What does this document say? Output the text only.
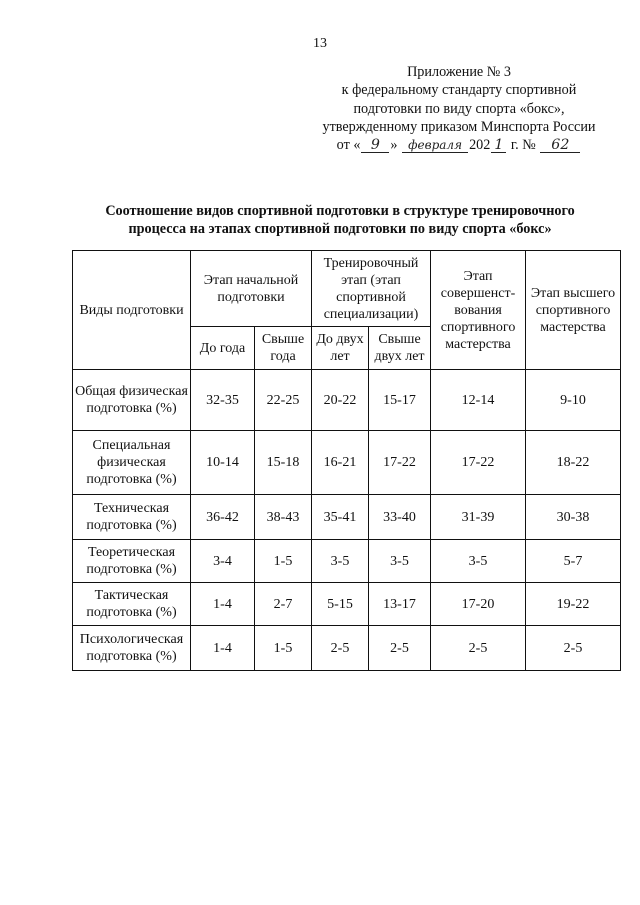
13
Приложение № 3
к федеральному стандарту спортивной
подготовки по виду спорта «бокс»,
утвержденному приказом Минспорта России
от « 9 » февраля 202 1 г. № 62
Соотношение видов спортивной подготовки в структуре тренировочного
процесса на этапах спортивной подготовки по виду спорта «бокс»
Виды подготовки	Этап начальной подготовки		Тренировочный этап (этап спортивной специализации)		Этап совершенст-вования спортивного мастерства	Этап высшего спортивного мастерства
	До года	Свыше года	До двух лет	Свыше двух лет		
Общая физическая подготовка (%)	32-35	22-25	20-22	15-17	12-14	9-10
Специальная физическая подготовка (%)	10-14	15-18	16-21	17-22	17-22	18-22
Техническая подготовка (%)	36-42	38-43	35-41	33-40	31-39	30-38
Теоретическая подготовка (%)	3-4	1-5	3-5	3-5	3-5	5-7
Тактическая подготовка (%)	1-4	2-7	5-15	13-17	17-20	19-22
Психологическая подготовка (%)	1-4	1-5	2-5	2-5	2-5	2-5
